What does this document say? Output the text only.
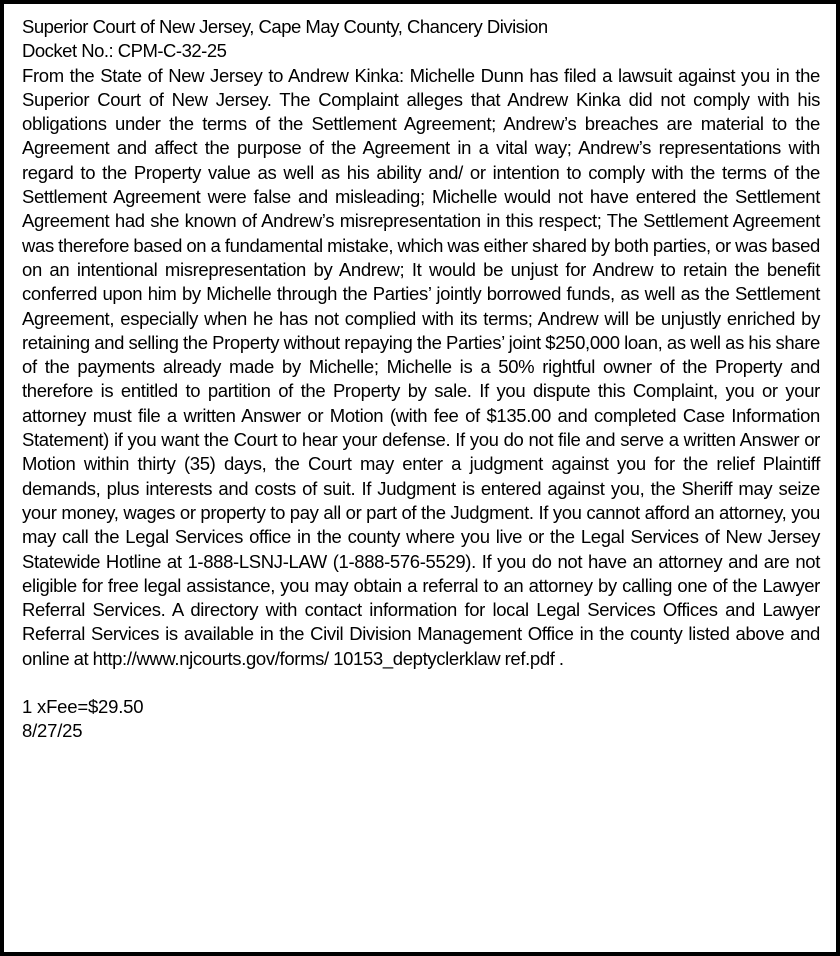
Superior Court of New Jersey, Cape May County, Chancery Division
Docket No.: CPM-C-32-25
From the State of New Jersey to Andrew Kinka: Michelle Dunn has filed a lawsuit against you in the Superior Court of New Jersey. The Complaint alleges that Andrew Kinka did not comply with his obligations under the terms of the Settlement Agreement; Andrew’s breaches are material to the Agreement and affect the purpose of the Agreement in a vital way; Andrew’s representations with regard to the Property value as well as his ability and/ or intention to comply with the terms of the Settlement Agreement were false and misleading; Michelle would not have entered the Settlement Agreement had she known of Andrew’s misrepresentation in this respect; The Settlement Agreement was therefore based on a fundamental mistake, which was either shared by both parties, or was based on an intentional misrepresentation by Andrew; It would be unjust for Andrew to retain the benefit conferred upon him by Michelle through the Parties’ jointly borrowed funds, as well as the Settlement Agreement, especially when he has not complied with its terms; Andrew will be unjustly enriched by retaining and selling the Property without repaying the Parties’ joint $250,000 loan, as well as his share of the payments already made by Michelle; Michelle is a 50% rightful owner of the Property and therefore is entitled to partition of the Property by sale. If you dispute this Complaint, you or your attorney must file a written Answer or Motion (with fee of $135.00 and completed Case Information Statement) if you want the Court to hear your defense. If you do not file and serve a written Answer or Motion within thirty (35) days, the Court may enter a judgment against you for the relief Plaintiff demands, plus interests and costs of suit. If Judgment is entered against you, the Sheriff may seize your money, wages or property to pay all or part of the Judgment. If you cannot afford an attorney, you may call the Legal Services office in the county where you live or the Legal Services of New Jersey Statewide Hotline at 1-888-LSNJ-LAW (1-888-576-5529). If you do not have an attorney and are not eligible for free legal assistance, you may obtain a referral to an attorney by calling one of the Lawyer Referral Services. A directory with contact information for local Legal Services Offices and Lawyer Referral Services is available in the Civil Division Management Office in the county listed above and online at http://www.njcourts.gov/forms/ 10153_deptyclerklaw ref.pdf .
1 xFee=$29.50
8/27/25
